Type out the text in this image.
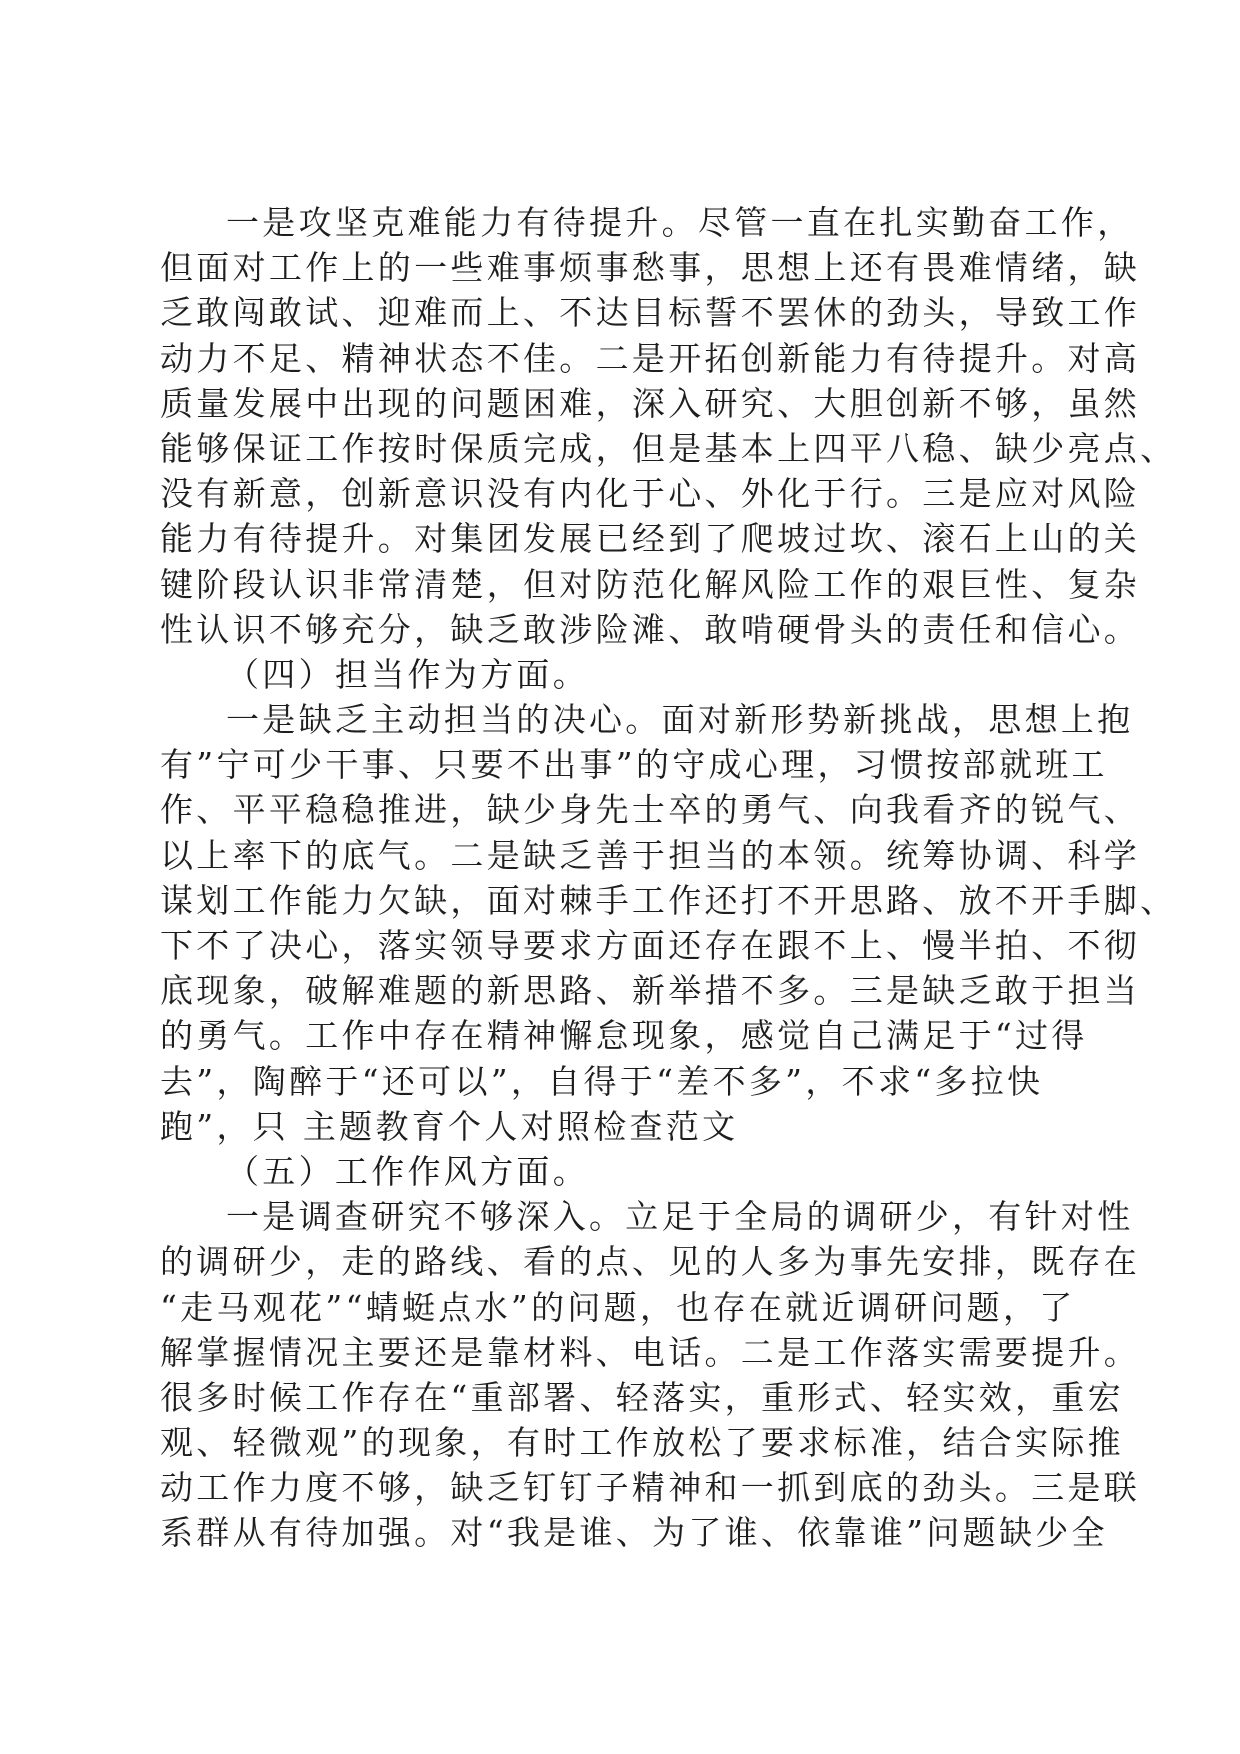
一是攻坚克难能力有待提升。尽管一直在扎实勤奋工作，

但面对工作上的一些难事烦事愁事，思想上还有畏难情绪，缺

乏敢闯敢试、迎难而上、不达目标誓不罢休的劲头，导致工作

动力不足、精神状态不佳。二是开拓创新能力有待提升。对高

质量发展中出现的问题困难，深入研究、大胆创新不够，虽然

能够保证工作按时保质完成，但是基本上四平八稳、缺少亮点、

没有新意，创新意识没有内化于心、外化于行。三是应对风险

能力有待提升。对集团发展已经到了爬坡过坎、滚石上山的关

键阶段认识非常清楚，但对防范化解风险工作的艰巨性、复杂

性认识不够充分，缺乏敢涉险滩、敢啃硬骨头的责任和信心。

（四）担当作为方面。

一是缺乏主动担当的决心。面对新形势新挑战，思想上抱

有”宁可少干事、只要不出事”的守成心理，习惯按部就班工

作、平平稳稳推进，缺少身先士卒的勇气、向我看齐的锐气、

以上率下的底气。二是缺乏善于担当的本领。统筹协调、科学

谋划工作能力欠缺，面对棘手工作还打不开思路、放不开手脚、

下不了决心，落实领导要求方面还存在跟不上、慢半拍、不彻

底现象，破解难题的新思路、新举措不多。三是缺乏敢于担当

的勇气。工作中存在精神懈怠现象，感觉自己满足于“过得

去”，陶醉于“还可以”，自得于“差不多”，不求“多拉快

跑”，只 主题教育个人对照检查范文

（五）工作作风方面。

一是调查研究不够深入。立足于全局的调研少，有针对性

的调研少，走的路线、看的点、见的人多为事先安排，既存在

“走马观花”“蜻蜓点水”的问题，也存在就近调研问题，了

解掌握情况主要还是靠材料、电话。二是工作落实需要提升。

很多时候工作存在“重部署、轻落实，重形式、轻实效，重宏

观、轻微观”的现象，有时工作放松了要求标准，结合实际推

动工作力度不够，缺乏钉钉子精神和一抓到底的劲头。三是联

系群从有待加强。对“我是谁、为了谁、依靠谁”问题缺少全
